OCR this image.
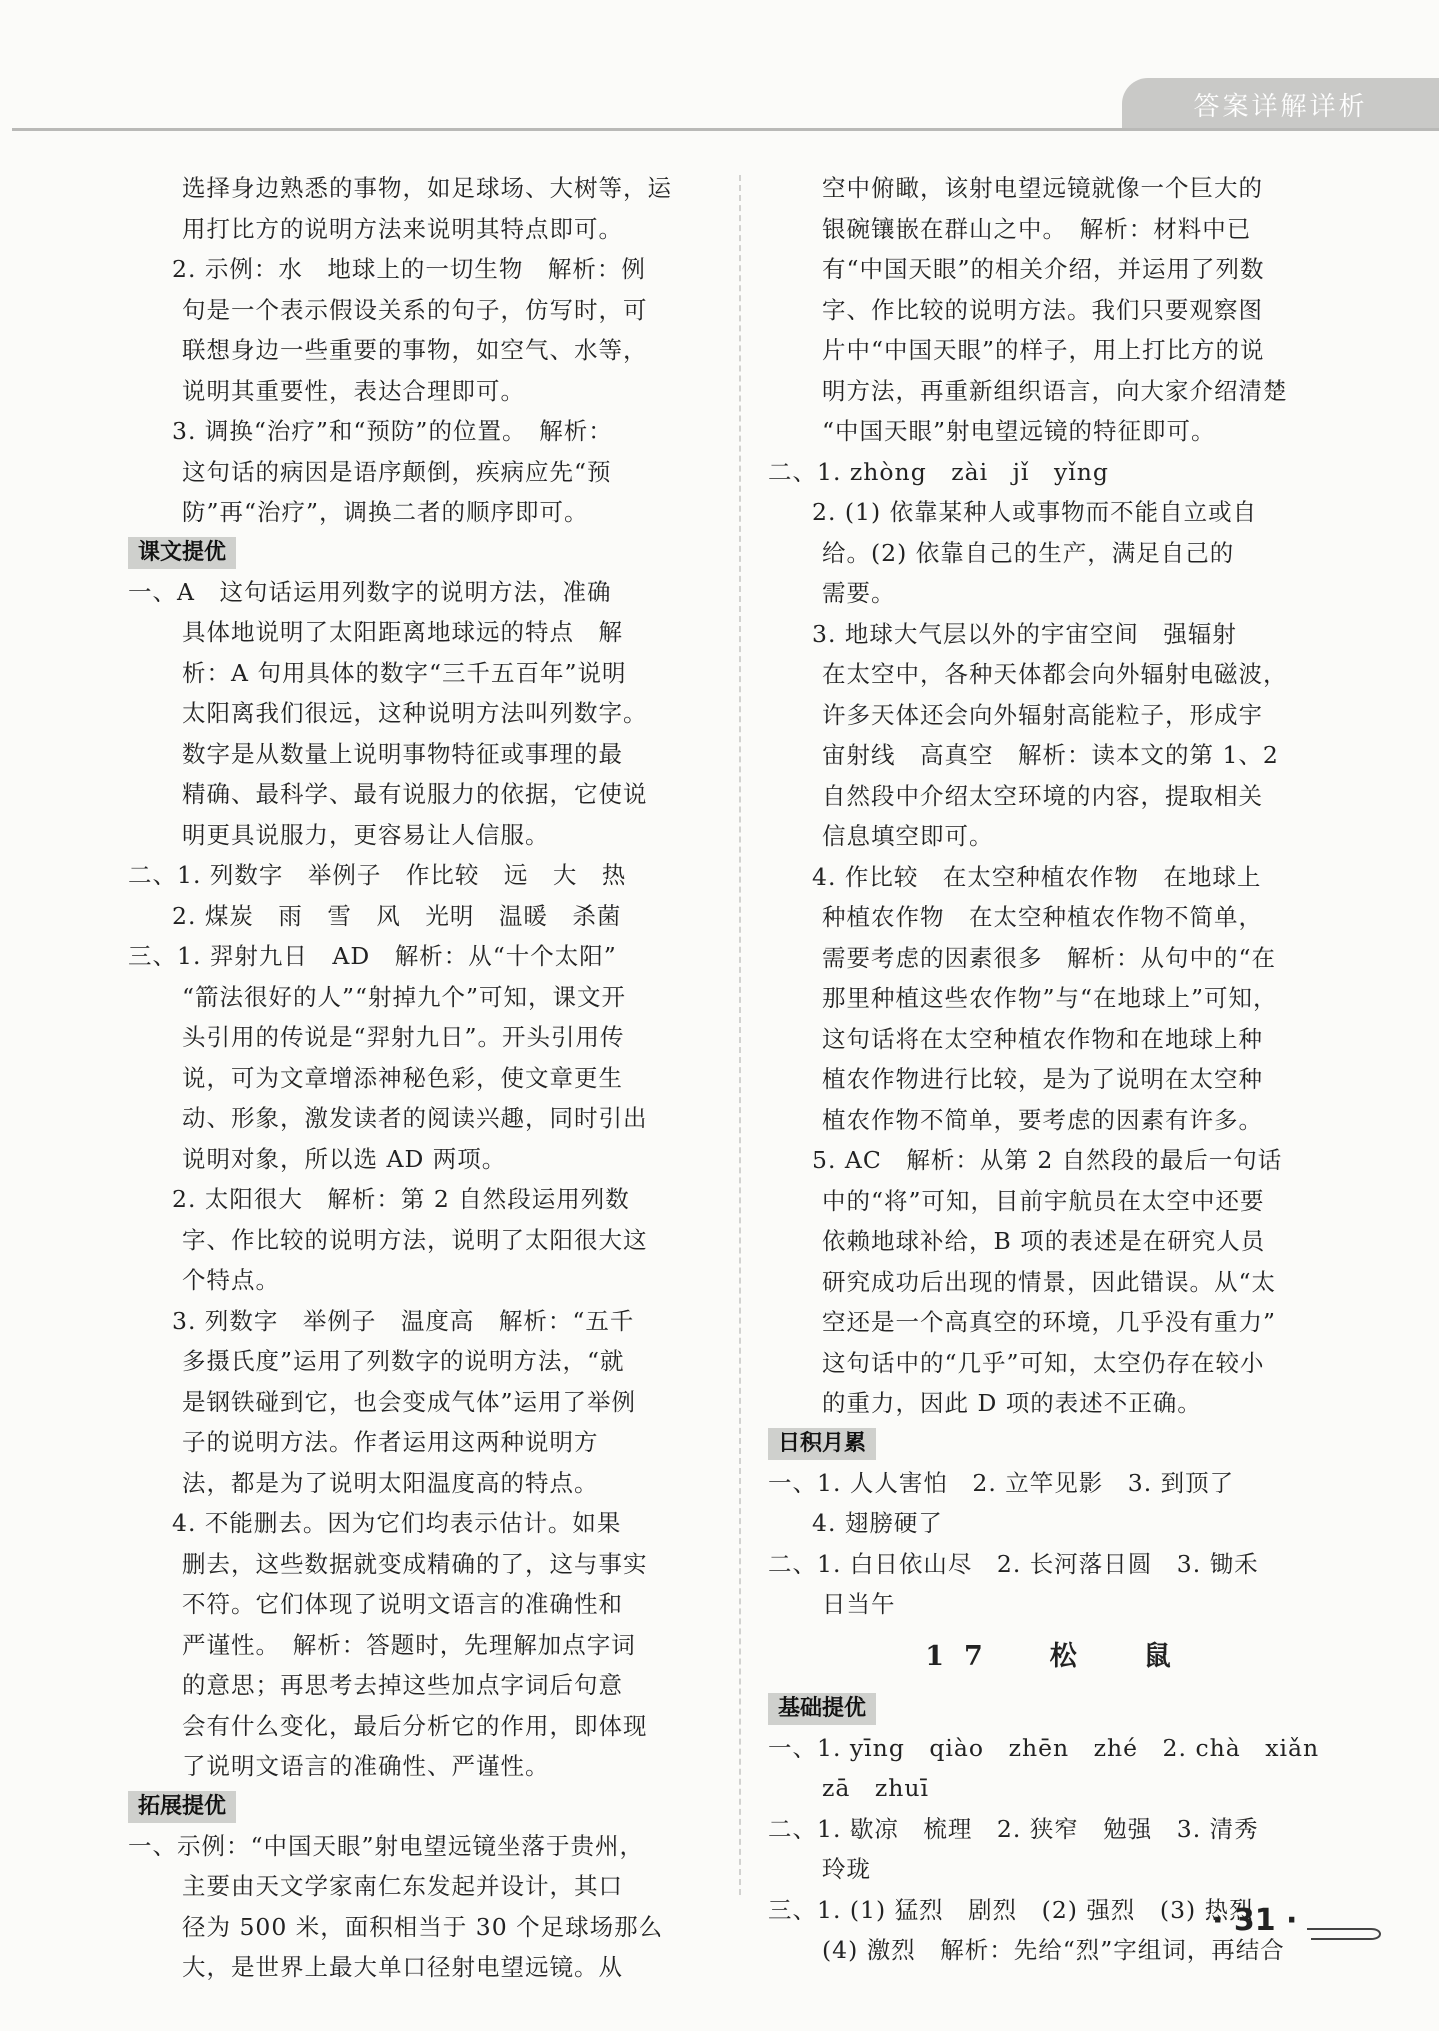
答案详解详析
选择身边熟悉的事物，如足球场、大树等，运
用打比方的说明方法来说明其特点即可。
2. 示例：水　地球上的一切生物　解析：例
句是一个表示假设关系的句子，仿写时，可
联想身边一些重要的事物，如空气、水等，
说明其重要性，表达合理即可。
3. 调换“治疗”和“预防”的位置。　解析：
这句话的病因是语序颠倒，疾病应先“预
防”再“治疗”，调换二者的顺序即可。
课文提优
一、A　这句话运用列数字的说明方法，准确
具体地说明了太阳距离地球远的特点　解
析：A 句用具体的数字“三千五百年”说明
太阳离我们很远，这种说明方法叫列数字。
数字是从数量上说明事物特征或事理的最
精确、最科学、最有说服力的依据，它使说
明更具说服力，更容易让人信服。
二、1. 列数字　举例子　作比较　远　大　热
2. 煤炭　雨　雪　风　光明　温暖　杀菌
三、1. 羿射九日　AD　解析：从“十个太阳”
“箭法很好的人”“射掉九个”可知，课文开
头引用的传说是“羿射九日”。开头引用传
说，可为文章增添神秘色彩，使文章更生
动、形象，激发读者的阅读兴趣，同时引出
说明对象，所以选 AD 两项。
2. 太阳很大　解析：第 2 自然段运用列数
字、作比较的说明方法，说明了太阳很大这
个特点。
3. 列数字　举例子　温度高　解析：“五千
多摄氏度”运用了列数字的说明方法，“就
是钢铁碰到它，也会变成气体”运用了举例
子的说明方法。作者运用这两种说明方
法，都是为了说明太阳温度高的特点。
4. 不能删去。因为它们均表示估计。如果
删去，这些数据就变成精确的了，这与事实
不符。它们体现了说明文语言的准确性和
严谨性。　解析：答题时，先理解加点字词
的意思；再思考去掉这些加点字词后句意
会有什么变化，最后分析它的作用，即体现
了说明文语言的准确性、严谨性。
拓展提优
一、示例：“中国天眼”射电望远镜坐落于贵州，
主要由天文学家南仁东发起并设计，其口
径为 500 米，面积相当于 30 个足球场那么
大，是世界上最大单口径射电望远镜。从
空中俯瞰，该射电望远镜就像一个巨大的
银碗镶嵌在群山之中。　解析：材料中已
有“中国天眼”的相关介绍，并运用了列数
字、作比较的说明方法。我们只要观察图
片中“中国天眼”的样子，用上打比方的说
明方法，再重新组织语言，向大家介绍清楚
“中国天眼”射电望远镜的特征即可。
二、1. zhòng　zài　jǐ　yǐng
2. (1) 依靠某种人或事物而不能自立或自
给。(2) 依靠自己的生产，满足自己的
需要。
3. 地球大气层以外的宇宙空间　强辐射
在太空中，各种天体都会向外辐射电磁波，
许多天体还会向外辐射高能粒子，形成宇
宙射线　高真空　解析：读本文的第 1、2
自然段中介绍太空环境的内容，提取相关
信息填空即可。
4. 作比较　在太空种植农作物　在地球上
种植农作物　在太空种植农作物不简单，
需要考虑的因素很多　解析：从句中的“在
那里种植这些农作物”与“在地球上”可知，
这句话将在太空种植农作物和在地球上种
植农作物进行比较，是为了说明在太空种
植农作物不简单，要考虑的因素有许多。
5. AC　解析：从第 2 自然段的最后一句话
中的“将”可知，目前宇航员在太空中还要
依赖地球补给，B 项的表述是在研究人员
研究成功后出现的情景，因此错误。从“太
空还是一个高真空的环境，几乎没有重力”
这句话中的“几乎”可知，太空仍存在较小
的重力，因此 D 项的表述不正确。
日积月累
一、1. 人人害怕　2. 立竿见影　3. 到顶了
4. 翅膀硬了
二、1. 白日依山尽　2. 长河落日圆　3. 锄禾
日当午
17　松　鼠
基础提优
一、1. yīng　qiào　zhēn　zhé　2. chà　xiǎn
zā　zhuī
二、1. 歇凉　梳理　2. 狭窄　勉强　3. 清秀
玲珑
三、1. (1) 猛烈　剧烈　(2) 强烈　(3) 热烈
(4) 激烈　解析：先给“烈”字组词，再结合
· 31 ·
